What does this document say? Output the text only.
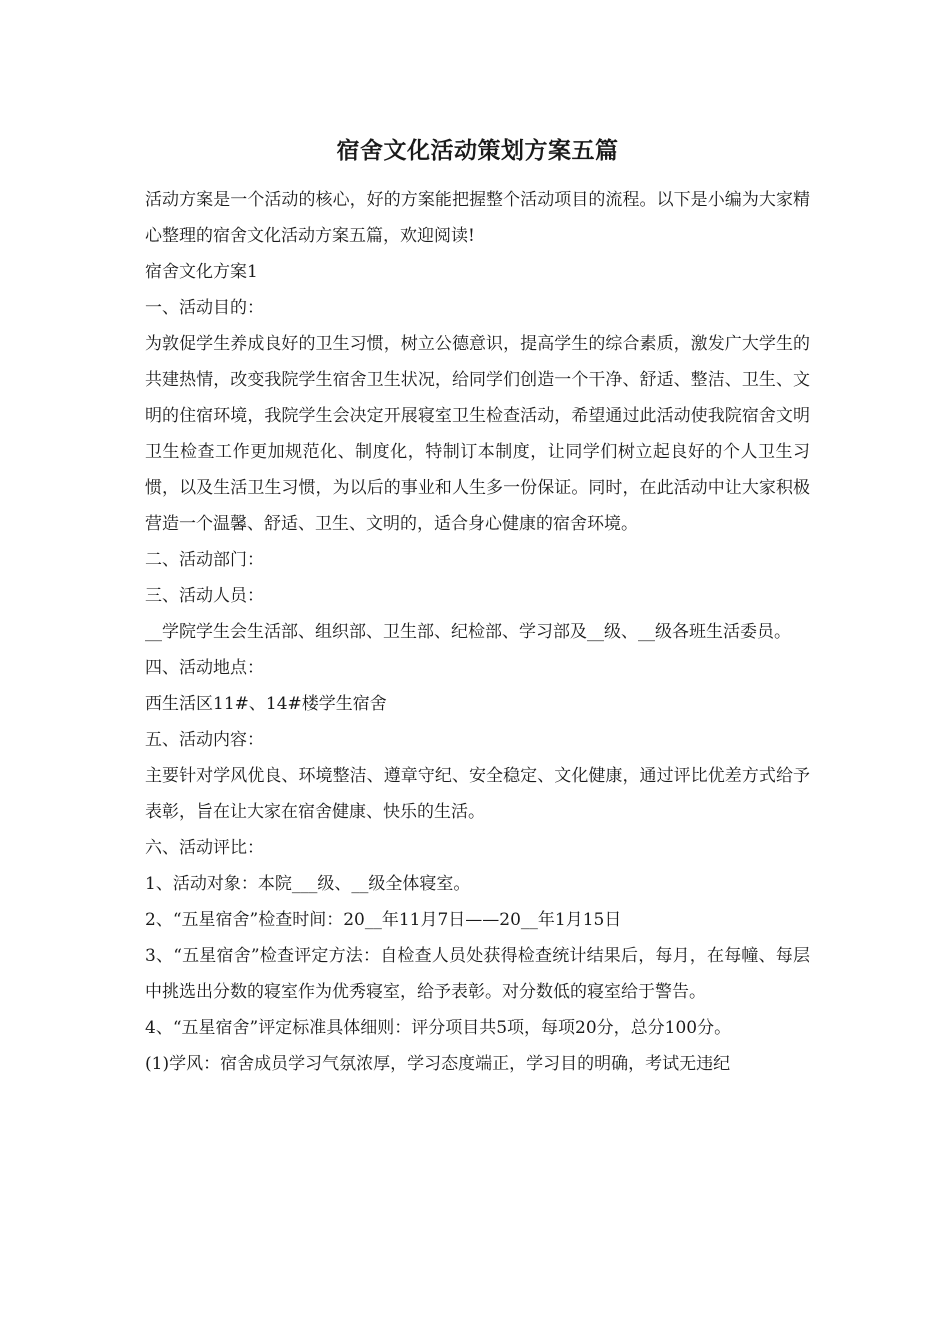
宿舍文化活动策划方案五篇

活动方案是一个活动的核心，好的方案能把握整个活动项目的流程。以下是小编为大家精心整理的宿舍文化活动方案五篇，欢迎阅读!

宿舍文化方案1

一、活动目的：

为敦促学生养成良好的卫生习惯，树立公德意识，提高学生的综合素质，激发广大学生的共建热情，改变我院学生宿舍卫生状况，给同学们创造一个干净、舒适、整洁、卫生、文明的住宿环境，我院学生会决定开展寝室卫生检查活动，希望通过此活动使我院宿舍文明卫生检查工作更加规范化、制度化，特制订本制度，让同学们树立起良好的个人卫生习惯，以及生活卫生习惯，为以后的事业和人生多一份保证。同时，在此活动中让大家积极营造一个温馨、舒适、卫生、文明的，适合身心健康的宿舍环境。

二、活动部门：

三、活动人员：

__学院学生会生活部、组织部、卫生部、纪检部、学习部及__级、__级各班生活委员。

四、活动地点：

西生活区11#、14#楼学生宿舍

五、活动内容：

主要针对学风优良、环境整洁、遵章守纪、安全稳定、文化健康，通过评比优差方式给予表彰，旨在让大家在宿舍健康、快乐的生活。

六、活动评比：

1、活动对象：本院___级、__级全体寝室。

2、“五星宿舍”检查时间：20__年11月7日——20__年1月15日

3、“五星宿舍”检查评定方法：自检查人员处获得检查统计结果后，每月，在每幢、每层中挑选出分数的寝室作为优秀寝室，给予表彰。对分数低的寝室给于警告。

4、“五星宿舍”评定标准具体细则：评分项目共5项，每项20分，总分100分。

(1)学风：宿舍成员学习气氛浓厚，学习态度端正，学习目的明确，考试无违纪
